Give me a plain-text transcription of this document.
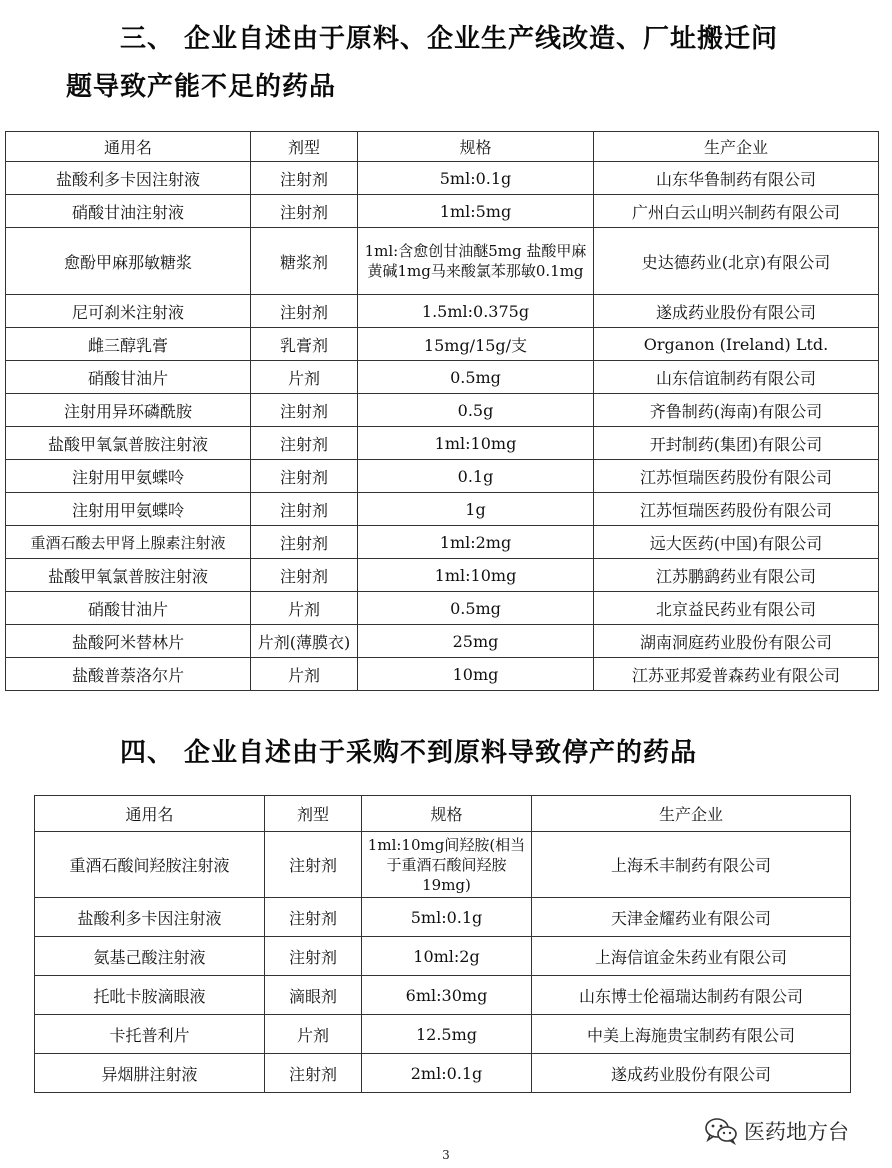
三、 企业自述由于原料、企业生产线改造、厂址搬迁问
题导致产能不足的药品
通用名	剂型	规格	生产企业
盐酸利多卡因注射液	注射剂	5ml:0.1g	山东华鲁制药有限公司
硝酸甘油注射液	注射剂	1ml:5mg	广州白云山明兴制药有限公司
愈酚甲麻那敏糖浆	糖浆剂	1ml:含愈创甘油醚5mg 盐酸甲麻黄碱1mg马来酸氯苯那敏0.1mg	史达德药业(北京)有限公司
尼可刹米注射液	注射剂	1.5ml:0.375g	遂成药业股份有限公司
雌三醇乳膏	乳膏剂	15mg/15g/支	Organon (Ireland) Ltd.
硝酸甘油片	片剂	0.5mg	山东信谊制药有限公司
注射用异环磷酰胺	注射剂	0.5g	齐鲁制药(海南)有限公司
盐酸甲氧氯普胺注射液	注射剂	1ml:10mg	开封制药(集团)有限公司
注射用甲氨蝶呤	注射剂	0.1g	江苏恒瑞医药股份有限公司
注射用甲氨蝶呤	注射剂	1g	江苏恒瑞医药股份有限公司
重酒石酸去甲肾上腺素注射液	注射剂	1ml:2mg	远大医药(中国)有限公司
盐酸甲氧氯普胺注射液	注射剂	1ml:10mg	江苏鹏鹞药业有限公司
硝酸甘油片	片剂	0.5mg	北京益民药业有限公司
盐酸阿米替林片	片剂(薄膜衣)	25mg	湖南洞庭药业股份有限公司
盐酸普萘洛尔片	片剂	10mg	江苏亚邦爱普森药业有限公司
四、 企业自述由于采购不到原料导致停产的药品
通用名	剂型	规格	生产企业
重酒石酸间羟胺注射液	注射剂	1ml:10mg间羟胺(相当于重酒石酸间羟胺19mg)	上海禾丰制药有限公司
盐酸利多卡因注射液	注射剂	5ml:0.1g	天津金耀药业有限公司
氨基己酸注射液	注射剂	10ml:2g	上海信谊金朱药业有限公司
托吡卡胺滴眼液	滴眼剂	6ml:30mg	山东博士伦福瑞达制药有限公司
卡托普利片	片剂	12.5mg	中美上海施贵宝制药有限公司
异烟肼注射液	注射剂	2ml:0.1g	遂成药业股份有限公司
医药地方台
3
